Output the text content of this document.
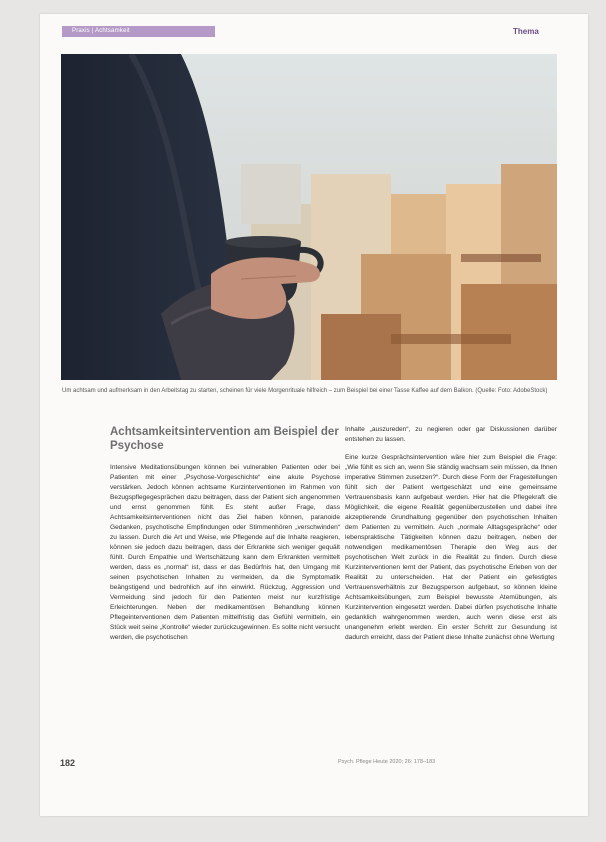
Praxis | Achtsamkeit	Thema
Um achtsam und aufmerksam in den Arbeitstag zu starten, scheinen für viele Morgenrituale hilfreich – zum Beispiel bei einer Tasse Kaffee auf dem Balkon. (Quelle: Foto: AdobeStock)
Achtsamkeitsintervention am Beispiel der Psychose

Intensive Meditationsübungen können bei vulnerablen Patienten oder bei Patienten mit einer „Psychose-Vorgeschichte“ eine akute Psychose verstärken. Jedoch können achtsame Kurzinterventionen im Rahmen von Bezugspflegegesprächen dazu beitragen, dass der Patient sich angenommen und ernst genommen fühlt. Es steht außer Frage, dass Achtsamkeitsinterventionen nicht das Ziel haben können, paranoide Gedanken, psychotische Empfindungen oder Stimmenhören „verschwinden“ zu lassen. Durch die Art und Weise, wie Pflegende auf die Inhalte reagieren, können sie jedoch dazu beitragen, dass der Erkrankte sich weniger gequält fühlt. Durch Empathie und Wertschätzung kann dem Erkrankten vermittelt werden, dass es „normal“ ist, dass er das Bedürfnis hat, den Umgang mit seinen psychotischen Inhalten zu vermeiden, da die Symptomatik beängstigend und bedrohlich auf ihn einwirkt. Rückzug, Aggression und Vermeidung sind jedoch für den Patienten meist nur kurzfristige Erleichterungen. Neben der medikamentösen Behandlung können Pflegeinterventionen dem Patienten mittelfristig das Gefühl vermitteln, ein Stück weit seine „Kontrolle“ wieder zurückzugewinnen. Es sollte nicht versucht werden, die psychotischen

Inhalte „auszureden“, zu negieren oder gar Diskussionen darüber entstehen zu lassen.

Eine kurze Gesprächsintervention wäre hier zum Beispiel die Frage: „Wie fühlt es sich an, wenn Sie ständig wachsam sein müssen, da Ihnen imperative Stimmen zusetzen?“. Durch diese Form der Fragestellungen fühlt sich der Patient wertgeschätzt und eine gemeinsame Vertrauensbasis kann aufgebaut werden. Hier hat die Pflegekraft die Möglichkeit, die eigene Realität gegenüberzustellen und dabei ihre akzeptierende Grundhaltung gegenüber den psychotischen Inhalten dem Patienten zu vermitteln. Auch „normale Alltagsgespräche“ oder lebenspraktische Tätigkeiten können dazu beitragen, neben der notwendigen medikamentösen Therapie den Weg aus der psychotischen Welt zurück in die Realität zu finden. Durch diese Kurzinterventionen lernt der Patient, das psychotische Erleben von der Realität zu unterscheiden. Hat der Patient ein gefestigtes Vertrauensverhältnis zur Bezugsperson aufgebaut, so können kleine Achtsamkeitsübungen, zum Beispiel bewusste Atemübungen, als Kurzintervention eingesetzt werden. Dabei dürfen psychotische Inhalte gedanklich wahrgenommen werden, auch wenn diese erst als unangenehm erlebt werden. Ein erster Schritt zur Gesundung ist dadurch erreicht, dass der Patient diese Inhalte zunächst ohne Wertung

182	Psych. Pflege Heute 2020; 26: 178–183
